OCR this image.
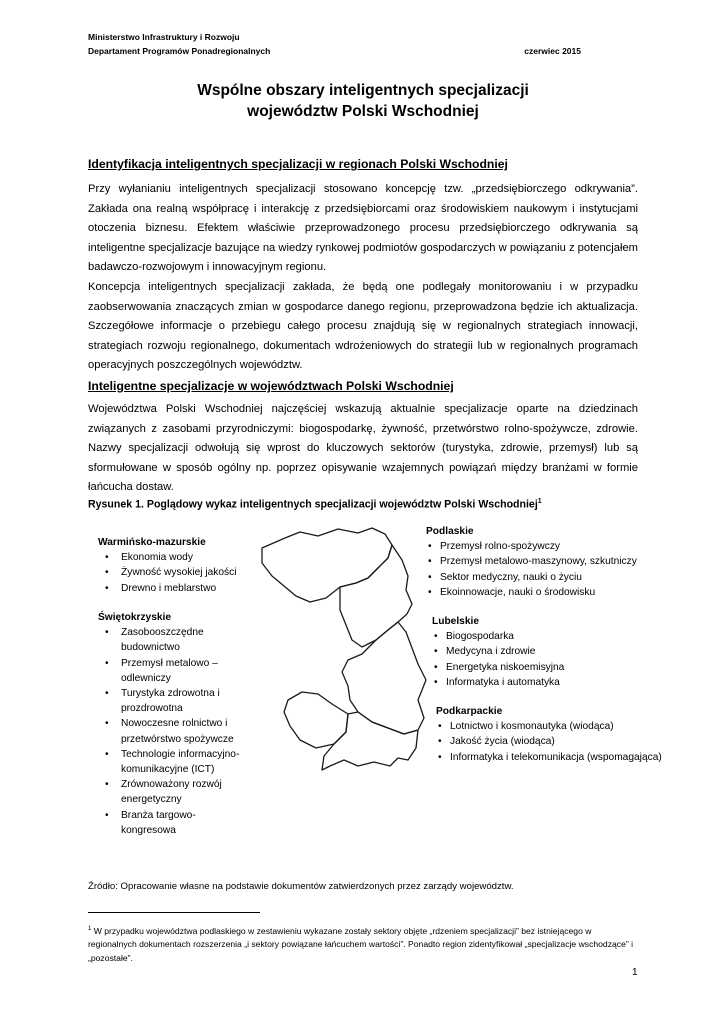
Ministerstwo Infrastruktury i Rozwoju
Departament Programów Ponadregionalnych	czerwiec 2015
Wspólne obszary inteligentnych specjalizacji
województw Polski Wschodniej
Identyfikacja inteligentnych specjalizacji w regionach Polski Wschodniej
Przy wyłanianiu inteligentnych specjalizacji stosowano koncepcję tzw. „przedsiębiorczego odkrywania”. Zakłada ona realną współpracę i interakcję z przedsiębiorcami oraz środowiskiem naukowym i instytucjami otoczenia biznesu. Efektem właściwie przeprowadzonego procesu przedsiębiorczego odkrywania są inteligentne specjalizacje bazujące na wiedzy rynkowej podmiotów gospodarczych w powiązaniu z potencjałem badawczo-rozwojowym i innowacyjnym regionu.
Koncepcja inteligentnych specjalizacji zakłada, że będą one podlegały monitorowaniu i w przypadku zaobserwowania znaczących zmian w gospodarce danego regionu, przeprowadzona będzie ich aktualizacja. Szczegółowe informacje o przebiegu całego procesu znajdują się w regionalnych strategiach innowacji, strategiach rozwoju regionalnego, dokumentach wdrożeniowych do strategii lub w regionalnych programach operacyjnych poszczególnych województw.
Inteligentne specjalizacje w województwach Polski Wschodniej
Województwa Polski Wschodniej najczęściej wskazują aktualnie specjalizacje oparte na dziedzinach związanych z zasobami przyrodniczymi: biogospodarkę, żywność, przetwórstwo rolno-spożywcze, zdrowie. Nazwy specjalizacji odwołują się wprost do kluczowych sektorów (turystyka, zdrowie, przemysł) lub są sformułowane w sposób ogólny np. poprzez opisywanie wzajemnych powiązań między branżami w formie łańcucha dostaw.
Rysunek 1. Poglądowy wykaz inteligentnych specjalizacji województw Polski Wschodniej$^1$
Warmińsko-mazurskie
• Ekonomia wody
• Żywność wysokiej jakości
• Drewno i meblarstwo
Świętokrzyskie
• Zasobooszczędne budownictwo
• Przemysł metalowo – odlewniczy
• Turystyka zdrowotna i prozdrowotna
• Nowoczesne rolnictwo i przetwórstwo spożywcze
• Technologie informacyjno-komunikacyjne (ICT)
• Zrównoważony rozwój energetyczny
• Branża targowo-kongresowa
Podlaskie
• Przemysł rolno-spożywczy
• Przemysł metalowo-maszynowy, szkutniczy
• Sektor medyczny, nauki o życiu
• Ekoinnowacje, nauki o środowisku
Lubelskie
• Biogospodarka
• Medycyna i zdrowie
• Energetyka niskoemisyjna
• Informatyka i automatyka
Podkarpackie
• Lotnictwo i kosmonautyka (wiodąca)
• Jakość życia (wiodąca)
• Informatyka i telekomunikacja (wspomagająca)
Źródło: Opracowanie własne na podstawie dokumentów zatwierdzonych przez zarządy województw.
$^1$ W przypadku województwa podlaskiego w zestawieniu wykazane zostały sektory objęte „rdzeniem specjalizacji” bez istniejącego w regionalnych dokumentach rozszerzenia „i sektory powiązane łańcuchem wartości”. Ponadto region zidentyfikował „specjalizacje wschodzące” i „pozostałe”.
1
